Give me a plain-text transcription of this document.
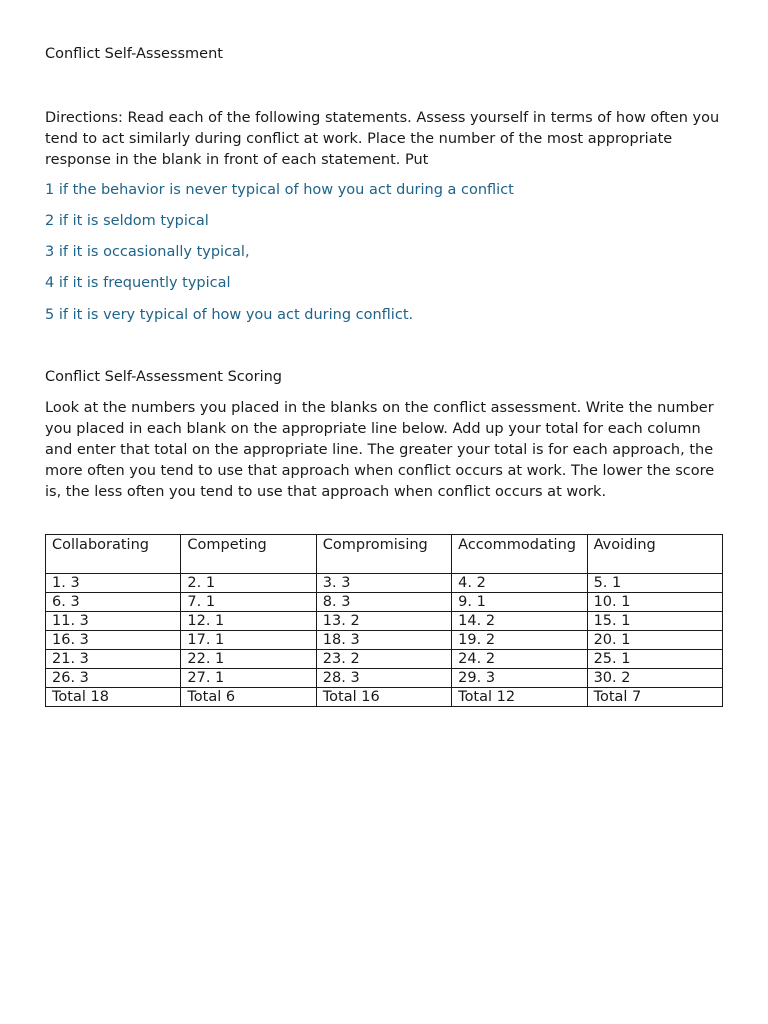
Conflict Self-Assessment

Directions: Read each of the following statements. Assess yourself in terms of how often you tend to act similarly during conflict at work. Place the number of the most appropriate response in the blank in front of each statement. Put

1 if the behavior is never typical of how you act during a conflict

2 if it is seldom typical

3 if it is occasionally typical,

4 if it is frequently typical

5 if it is very typical of how you act during conflict.

Conflict Self-Assessment Scoring

Look at the numbers you placed in the blanks on the conflict assessment. Write the number you placed in each blank on the appropriate line below. Add up your total for each column and enter that total on the appropriate line. The greater your total is for each approach, the more often you tend to use that approach when conflict occurs at work. The lower the score is, the less often you tend to use that approach when conflict occurs at work.

Collaborating	Competing	Compromising	Accommodating	Avoiding
1. 3	2. 1	3. 3	4. 2	5. 1
6. 3	7. 1	8. 3	9. 1	10. 1
11. 3	12. 1	13. 2	14. 2	15. 1
16. 3	17. 1	18. 3	19. 2	20. 1
21. 3	22. 1	23. 2	24. 2	25. 1
26. 3	27. 1	28. 3	29. 3	30. 2
Total 18	Total 6	Total 16	Total 12	Total 7
